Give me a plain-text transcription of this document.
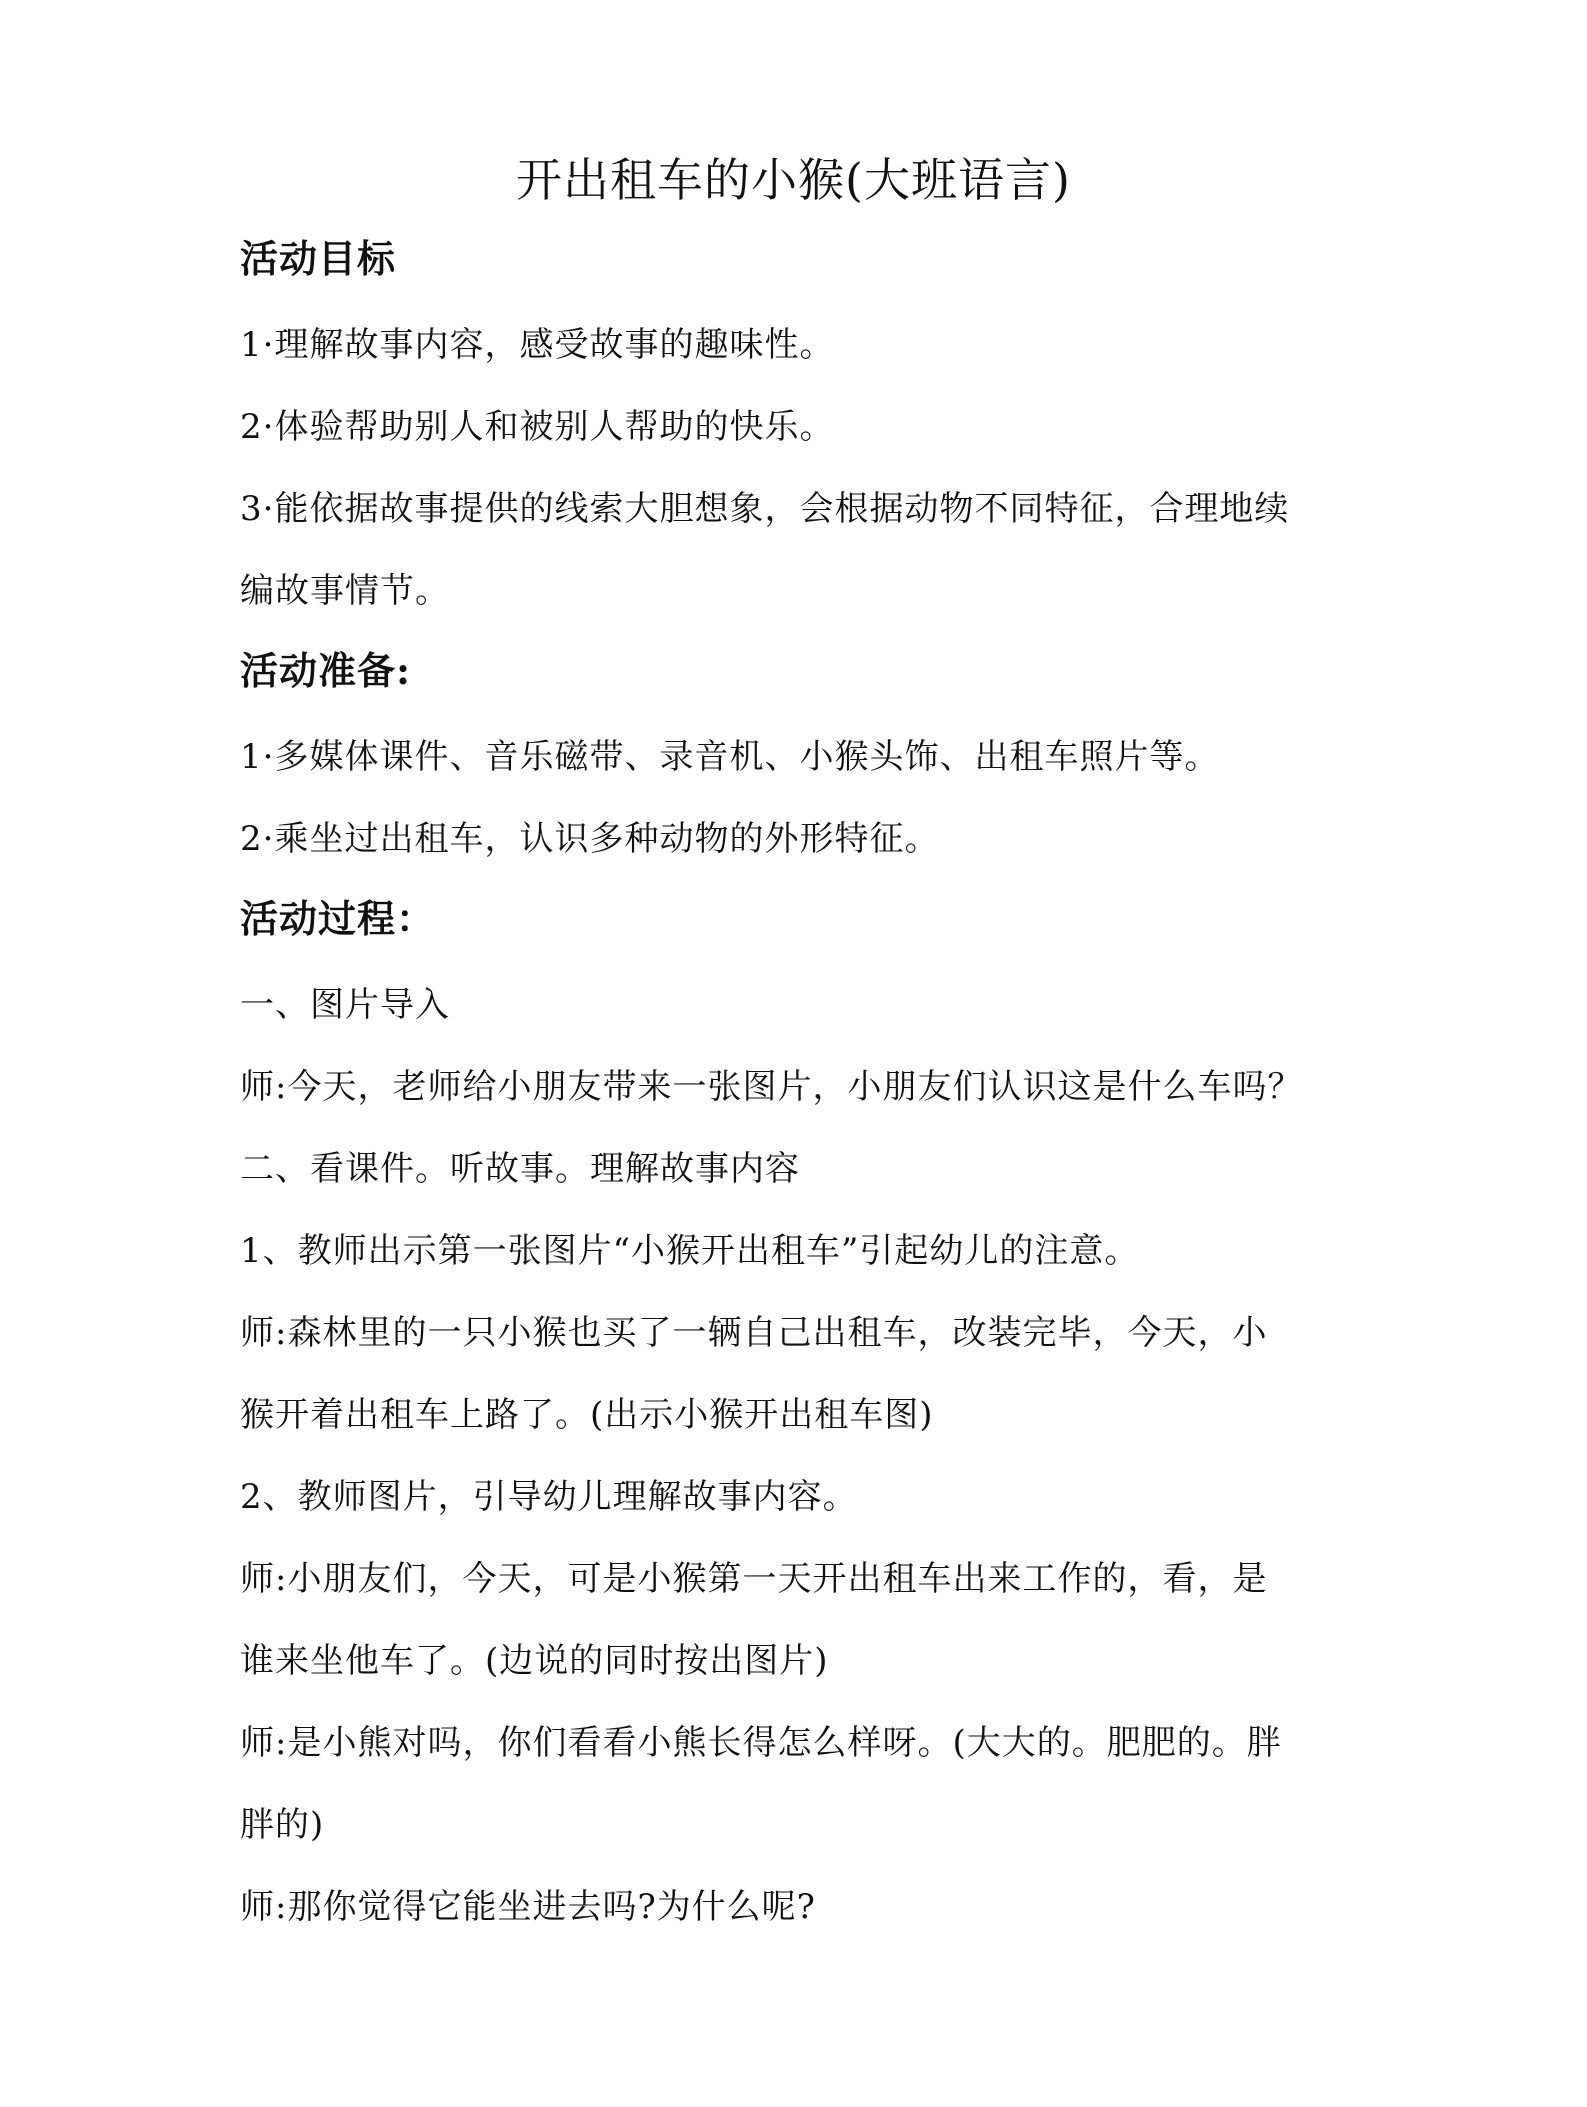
开出租车的小猴(大班语言)
活动目标
1·理解故事内容，感受故事的趣味性。
2·体验帮助别人和被别人帮助的快乐。
3·能依据故事提供的线索大胆想象，会根据动物不同特征，合理地续
编故事情节。
活动准备:
1·多媒体课件、音乐磁带、录音机、小猴头饰、出租车照片等。
2·乘坐过出租车，认识多种动物的外形特征。
活动过程：
一、图片导入
师:今天，老师给小朋友带来一张图片，小朋友们认识这是什么车吗？
二、看课件。听故事。理解故事内容
1、教师出示第一张图片“小猴开出租车”引起幼儿的注意。
师:森林里的一只小猴也买了一辆自己出租车，改装完毕，今天，小
猴开着出租车上路了。(出示小猴开出租车图)
2、教师图片，引导幼儿理解故事内容。
师:小朋友们，今天，可是小猴第一天开出租车出来工作的，看，是
谁来坐他车了。(边说的同时按出图片)
师:是小熊对吗，你们看看小熊长得怎么样呀。(大大的。肥肥的。胖
胖的)
师:那你觉得它能坐进去吗?为什么呢?
